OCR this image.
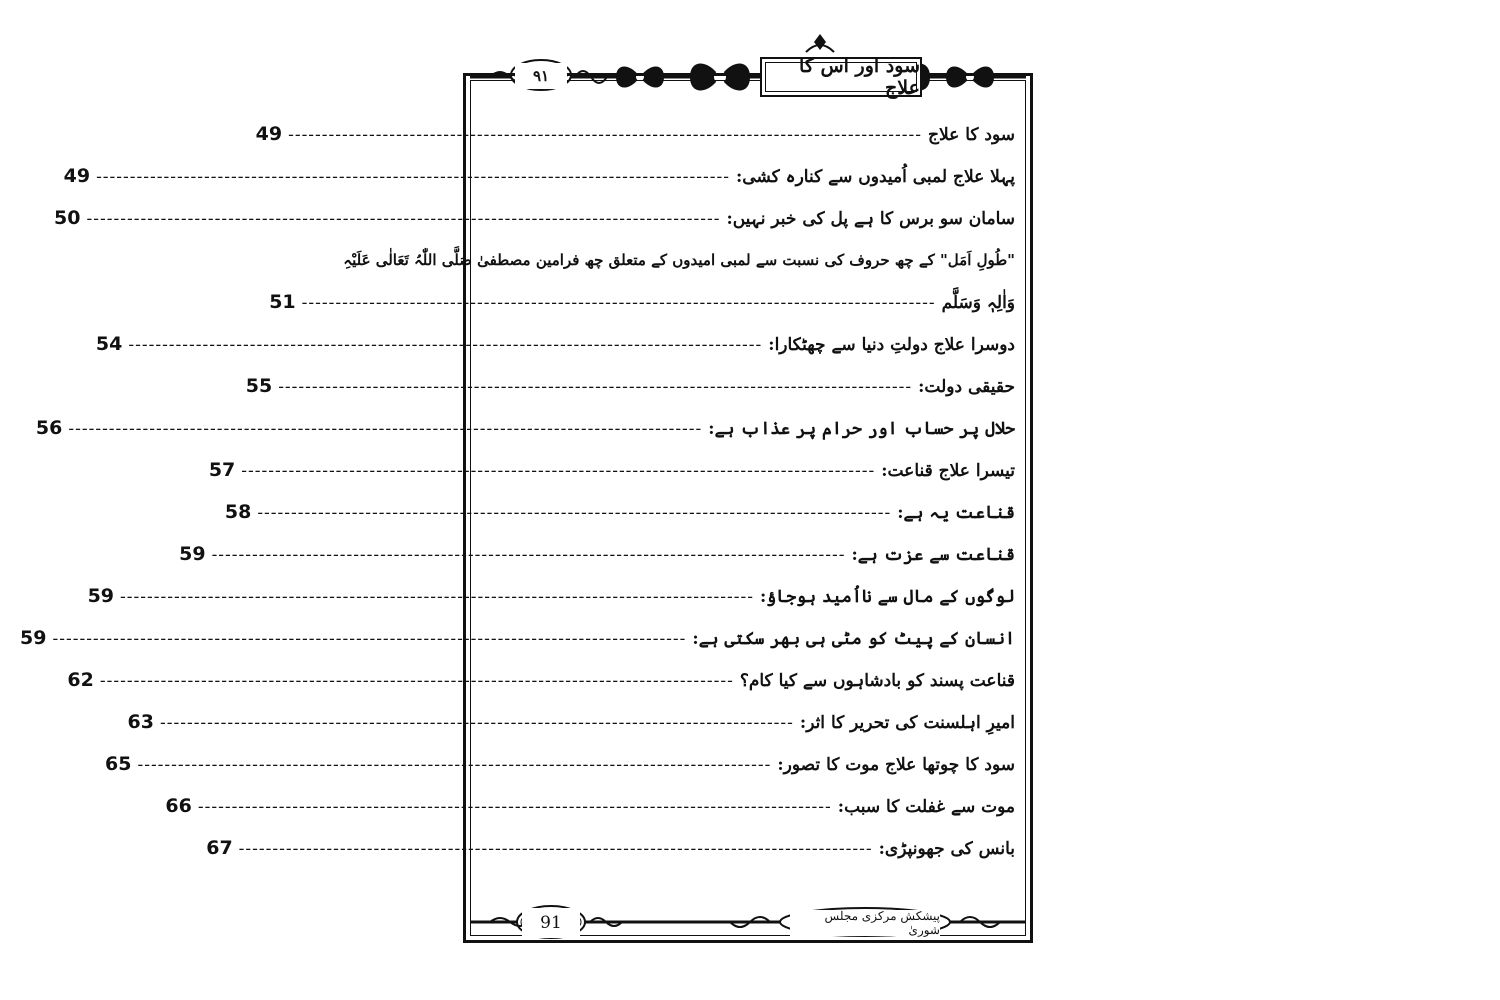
۹۱	سود اور اس کا علاج
سود کا علاج
----------------------------------------------------------------------------------------------
49
پہلا علاج لمبی اُمیدوں سے کنارہ کشی:
----------------------------------------------------------------------------------------------
49
سامان سو برس کا ہے پل کی خبر نہیں:
----------------------------------------------------------------------------------------------
50
"طُولِ اَمَل" کے چھ حروف کی نسبت سے لمبی امیدوں کے متعلق چھ فرامین مصطفیٰ صَلَّی اللّٰہُ تَعَالٰی عَلَیْہِ
وَاٰلِہٖ وَسَلَّم
----------------------------------------------------------------------------------------------
51
دوسرا علاج دولتِ دنیا سے چھٹکارا:
----------------------------------------------------------------------------------------------
54
حقیقی دولت:
----------------------------------------------------------------------------------------------
55
حلال پر حساب اور حرام پر عذاب ہے:
----------------------------------------------------------------------------------------------
56
تیسرا علاج قناعت:
----------------------------------------------------------------------------------------------
57
قناعت یہ ہے:
----------------------------------------------------------------------------------------------
58
قناعت سے عزت ہے:
----------------------------------------------------------------------------------------------
59
لوگوں کے مال سے نااُمید ہوجاؤ:
----------------------------------------------------------------------------------------------
59
انسان کے پیٹ کو مٹی ہی بھر سکتی ہے:
----------------------------------------------------------------------------------------------
59
قناعت پسند کو بادشاہوں سے کیا کام؟
----------------------------------------------------------------------------------------------
62
امیرِ اہلسنت کی تحریر کا اثر:
----------------------------------------------------------------------------------------------
63
سود کا چوتھا علاج موت کا تصور:
----------------------------------------------------------------------------------------------
65
موت سے غفلت کا سبب:
----------------------------------------------------------------------------------------------
66
بانس کی جھونپڑی:
----------------------------------------------------------------------------------------------
67
91	پیشکش مرکزی مجلس شوریٰ
